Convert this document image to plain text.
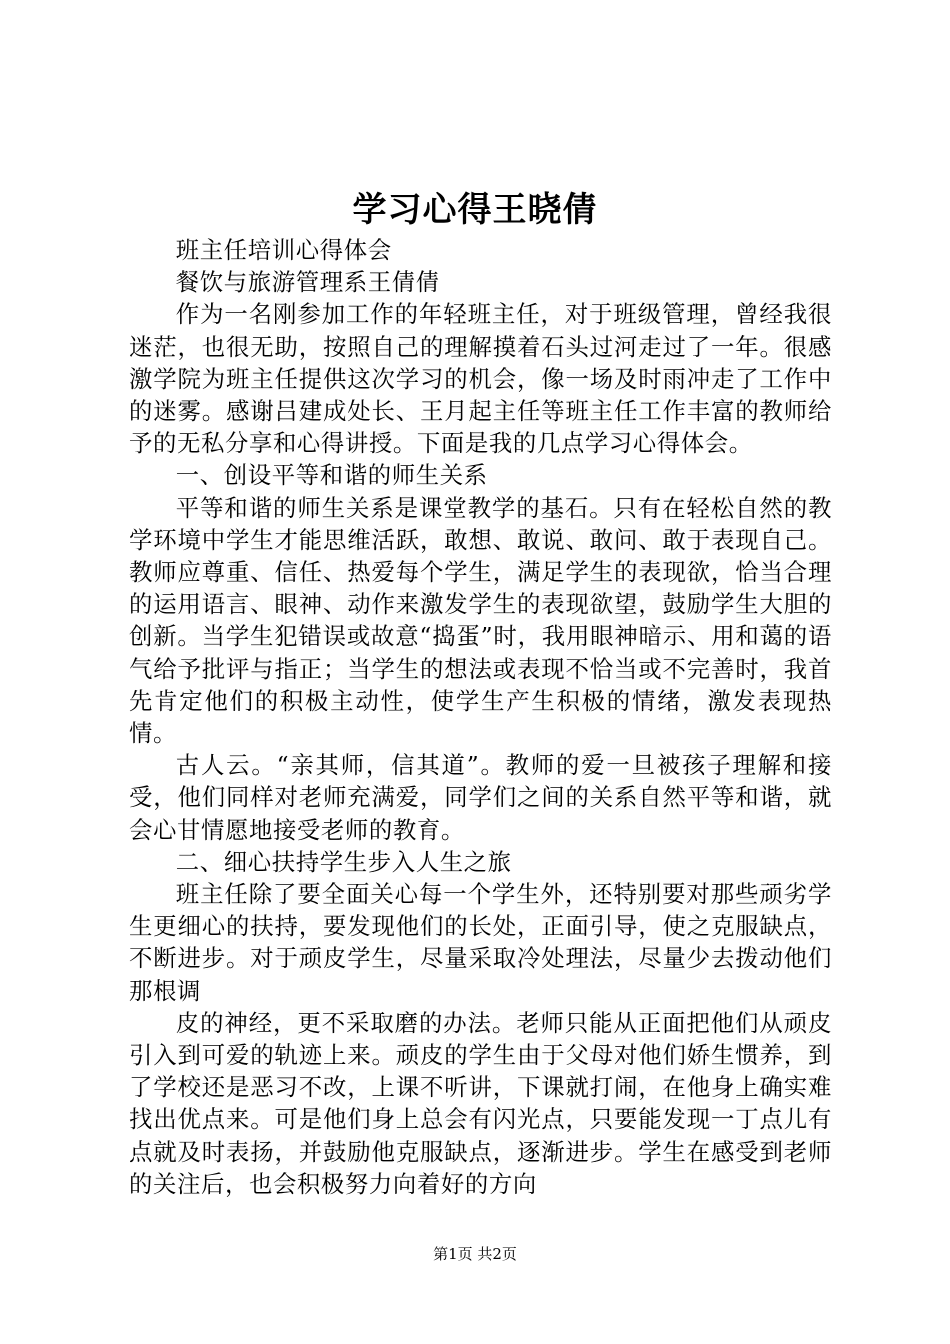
学习心得王晓倩

班主任培训心得体会

餐饮与旅游管理系王倩倩

作为一名刚参加工作的年轻班主任，对于班级管理，曾经我很迷茫，也很无助，按照自己的理解摸着石头过河走过了一年。很感激学院为班主任提供这次学习的机会，像一场及时雨冲走了工作中的迷雾。感谢吕建成处长、王月起主任等班主任工作丰富的教师给予的无私分享和心得讲授。下面是我的几点学习心得体会。

一、创设平等和谐的师生关系

平等和谐的师生关系是课堂教学的基石。只有在轻松自然的教学环境中学生才能思维活跃，敢想、敢说、敢问、敢于表现自己。教师应尊重、信任、热爱每个学生，满足学生的表现欲，恰当合理的运用语言、眼神、动作来激发学生的表现欲望，鼓励学生大胆的创新。当学生犯错误或故意“捣蛋”时，我用眼神暗示、用和蔼的语气给予批评与指正；当学生的想法或表现不恰当或不完善时，我首先肯定他们的积极主动性，使学生产生积极的情绪，激发表现热情。

古人云。“亲其师，信其道”。教师的爱一旦被孩子理解和接受，他们同样对老师充满爱，同学们之间的关系自然平等和谐，就会心甘情愿地接受老师的教育。

二、细心扶持学生步入人生之旅

班主任除了要全面关心每一个学生外，还特别要对那些顽劣学生更细心的扶持，要发现他们的长处，正面引导，使之克服缺点，不断进步。对于顽皮学生，尽量采取冷处理法，尽量少去拨动他们那根调

皮的神经，更不采取磨的办法。老师只能从正面把他们从顽皮引入到可爱的轨迹上来。顽皮的学生由于父母对他们娇生惯养，到了学校还是恶习不改，上课不听讲，下课就打闹，在他身上确实难找出优点来。可是他们身上总会有闪光点，只要能发现一丁点儿有点就及时表扬，并鼓励他克服缺点，逐渐进步。学生在感受到老师的关注后，也会积极努力向着好的方向

第1页 共2页
